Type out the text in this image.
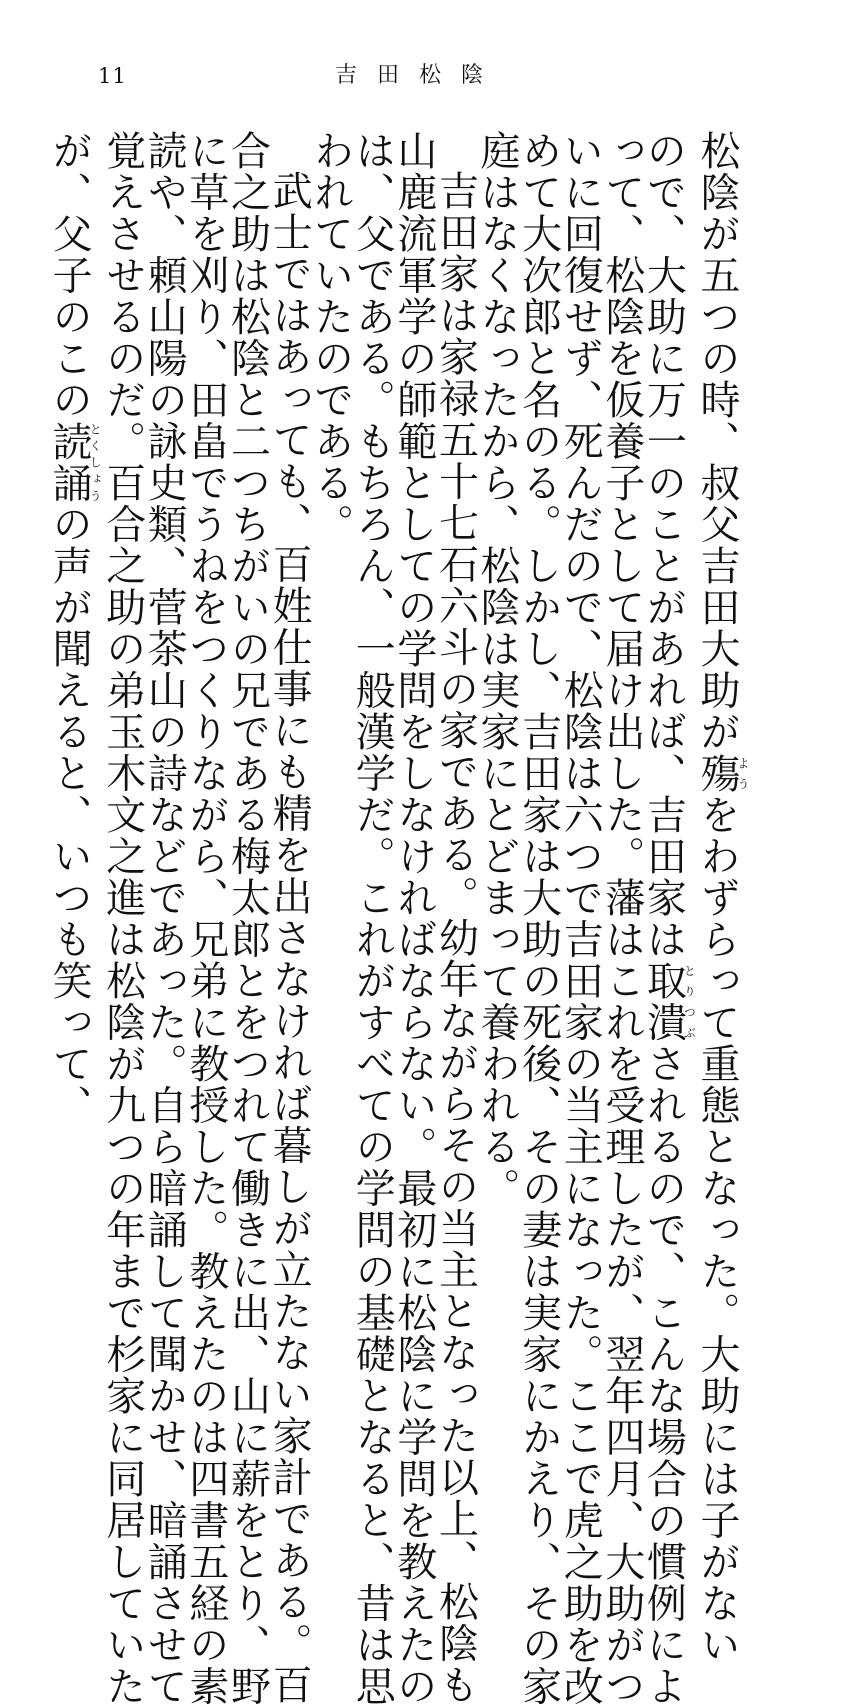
11	吉田松陰
松陰が五つの時、叔父吉田大助が殤ようをわずらって重態となった。大助には子がない
ので、大助に万一のことがあれば、吉田家は取潰とりつぶされるので、こんな場合の慣例によ
って、松陰を仮養子として届け出した。藩はこれを受理したが、翌年四月、大助がつ
いに回復せず、死んだので、松陰は六つで吉田家の当主になった。ここで虎之助を改
めて大次郎と名のる。しかし、吉田家は大助の死後、その妻は実家にかえり、その家
庭はなくなったから、松陰は実家にとどまって養われる。
吉田家は家禄五十七石六斗の家である。幼年ながらその当主となった以上、松陰も
山鹿流軍学の師範としての学問をしなければならない。最初に松陰に学問を教えたの
は、父である。もちろん、一般漢学だ。これがすべての学問の基礎となると、昔は思
われていたのである。
武士ではあっても、百姓仕事にも精を出さなければ暮しが立たない家計である。百
合之助は松陰と二つちがいの兄である梅太郎とをつれて働きに出、山に薪をとり、野
に草を刈り、田畠でうねをつくりながら、兄弟に教授した。教えたのは四書五経の素
読や、頼山陽の詠史類、菅茶山の詩などであった。自ら暗誦して聞かせ、暗誦させて
覚えさせるのだ。百合之助の弟玉木文之進は松陰が九つの年まで杉家に同居していた
が、父子のこの読誦とくしょうの声が聞えると、いつも笑って、
